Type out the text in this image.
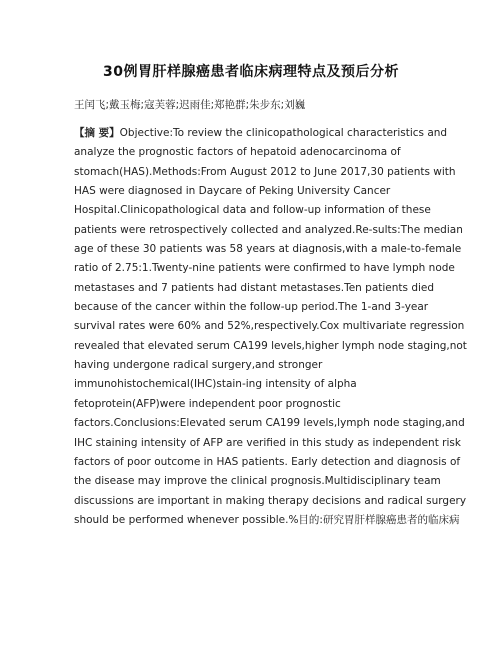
30例胃肝样腺癌患者临床病理特点及预后分析
王闰飞;戴玉梅;寇芙蓉;迟雨佳;郑艳群;朱步东;刘巍
【摘 要】Objective:To review the clinicopathological characteristics and
analyze the prognostic factors of hepatoid adenocarcinoma of
stomach(HAS).Methods:From August 2012 to June 2017,30 patients with
HAS were diagnosed in Daycare of Peking University Cancer
Hospital.Clinicopathological data and follow-up information of these
patients were retrospectively collected and analyzed.Re-sults:The median
age of these 30 patients was 58 years at diagnosis,with a male-to-female
ratio of 2.75:1.Twenty-nine patients were confirmed to have lymph node
metastases and 7 patients had distant metastases.Ten patients died
because of the cancer within the follow-up period.The 1-and 3-year
survival rates were 60% and 52%,respectively.Cox multivariate regression
revealed that elevated serum CA199 levels,higher lymph node staging,not
having undergone radical surgery,and stronger
immunohistochemical(IHC)stain-ing intensity of alpha
fetoprotein(AFP)were independent poor prognostic
factors.Conclusions:Elevated serum CA199 levels,lymph node staging,and
IHC staining intensity of AFP are verified in this study as independent risk
factors of poor outcome in HAS patients. Early detection and diagnosis of
the disease may improve the clinical prognosis.Multidisciplinary team
discussions are important in making therapy decisions and radical surgery
should be performed whenever possible.%目的:研究胃肝样腺癌患者的临床病
